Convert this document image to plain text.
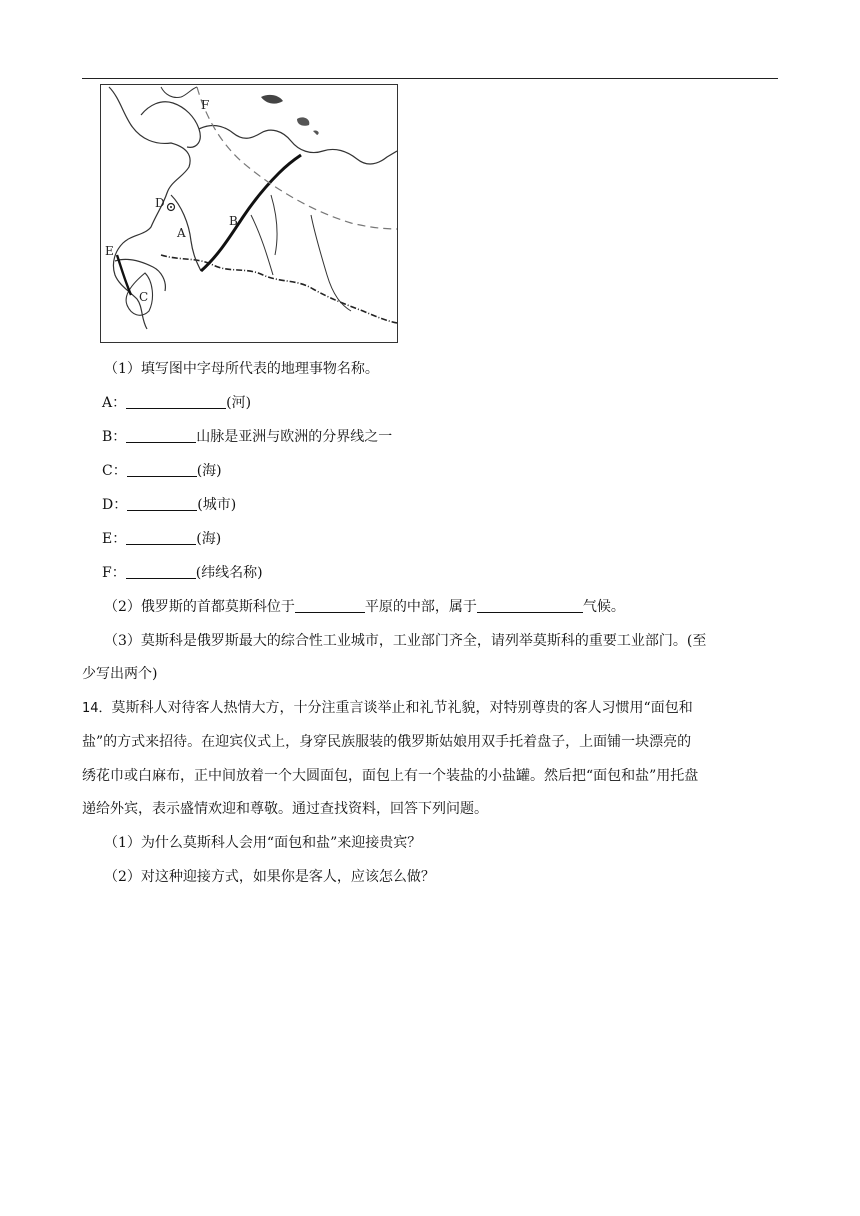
D
A
B
C
E
F
（1）填写图中字母所代表的地理事物名称。
A：	(河)
B：	山脉是亚洲与欧洲的分界线之一
C：	(海)
D：	(城市)
E：	(海)
F：	(纬线名称)
（2）俄罗斯的首都莫斯科位于	平原的中部，属于	气候。
（3）莫斯科是俄罗斯最大的综合性工业城市，工业部门齐全，请列举莫斯科的重要工业部门。(至
少写出两个)
14．莫斯科人对待客人热情大方，十分注重言谈举止和礼节礼貌，对特别尊贵的客人习惯用“面包和
盐”的方式来招待。在迎宾仪式上，身穿民族服装的俄罗斯姑娘用双手托着盘子，上面铺一块漂亮的
绣花巾或白麻布，正中间放着一个大圆面包，面包上有一个装盐的小盐罐。然后把“面包和盐”用托盘
递给外宾，表示盛情欢迎和尊敬。通过查找资料，回答下列问题。
（1）为什么莫斯科人会用“面包和盐”来迎接贵宾？
（2）对这种迎接方式，如果你是客人，应该怎么做？
